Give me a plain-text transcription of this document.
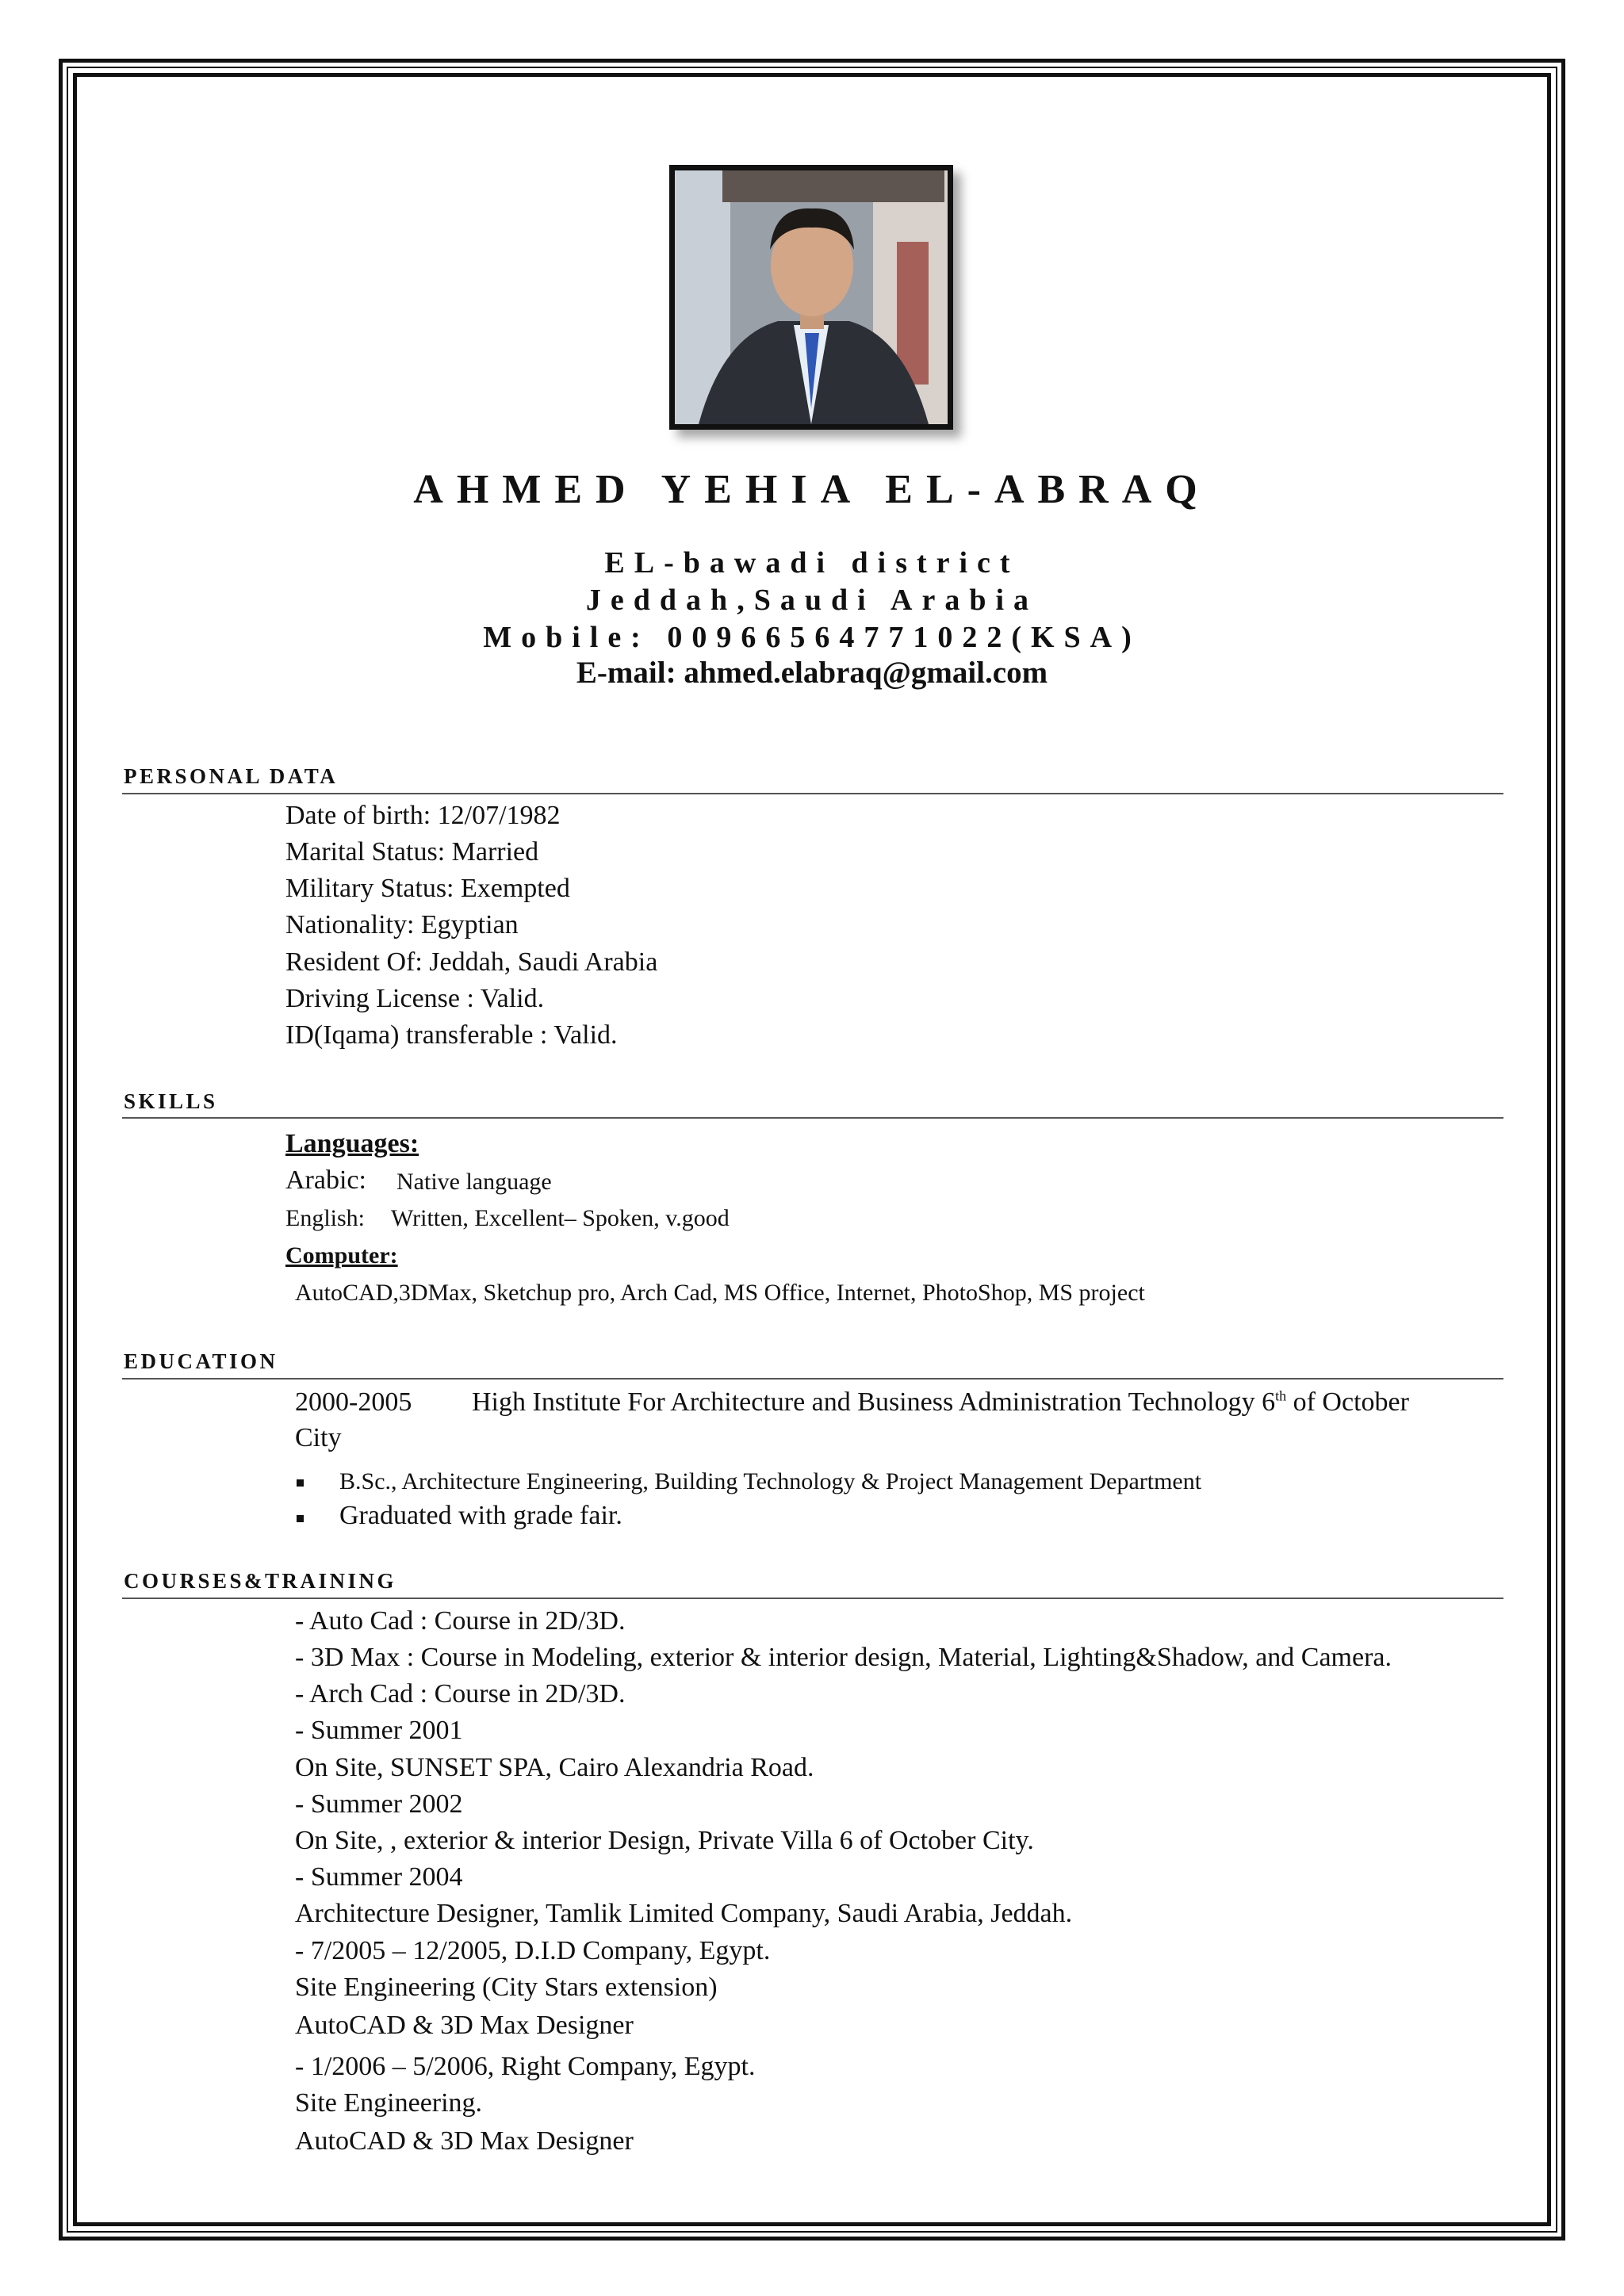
AHMED YEHIA EL-ABRAQ
EL-bawadi district
Jeddah,Saudi Arabia
Mobile: 00966564771022(KSA)
E-mail: ahmed.elabraq@gmail.com
PERSONAL DATA
Date of birth: 12/07/1982
Marital Status: Married
Military Status: Exempted
Nationality: Egyptian
Resident Of: Jeddah, Saudi Arabia
Driving License : Valid.
ID(Iqama) transferable : Valid.
SKILLS
Languages:
Arabic: Native language
English: Written, Excellent– Spoken, v.good
Computer:
AutoCAD,3DMax, Sketchup pro, Arch Cad, MS Office, Internet, PhotoShop, MS project
EDUCATION
2000-2005 High Institute For Architecture and Business Administration Technology 6th of October
City
B.Sc., Architecture Engineering, Building Technology & Project Management Department
Graduated with grade fair.
COURSES&TRAINING
- Auto Cad : Course in 2D/3D.
- 3D Max : Course in Modeling, exterior & interior design, Material, Lighting&Shadow, and Camera.
- Arch Cad : Course in 2D/3D.
- Summer 2001
On Site, SUNSET SPA, Cairo Alexandria Road.
- Summer 2002
On Site, , exterior & interior Design, Private Villa 6 of October City.
- Summer 2004
Architecture Designer, Tamlik Limited Company, Saudi Arabia, Jeddah.
- 7/2005 – 12/2005, D.I.D Company, Egypt.
Site Engineering (City Stars extension)
AutoCAD & 3D Max Designer
- 1/2006 – 5/2006, Right Company, Egypt.
Site Engineering.
AutoCAD & 3D Max Designer
